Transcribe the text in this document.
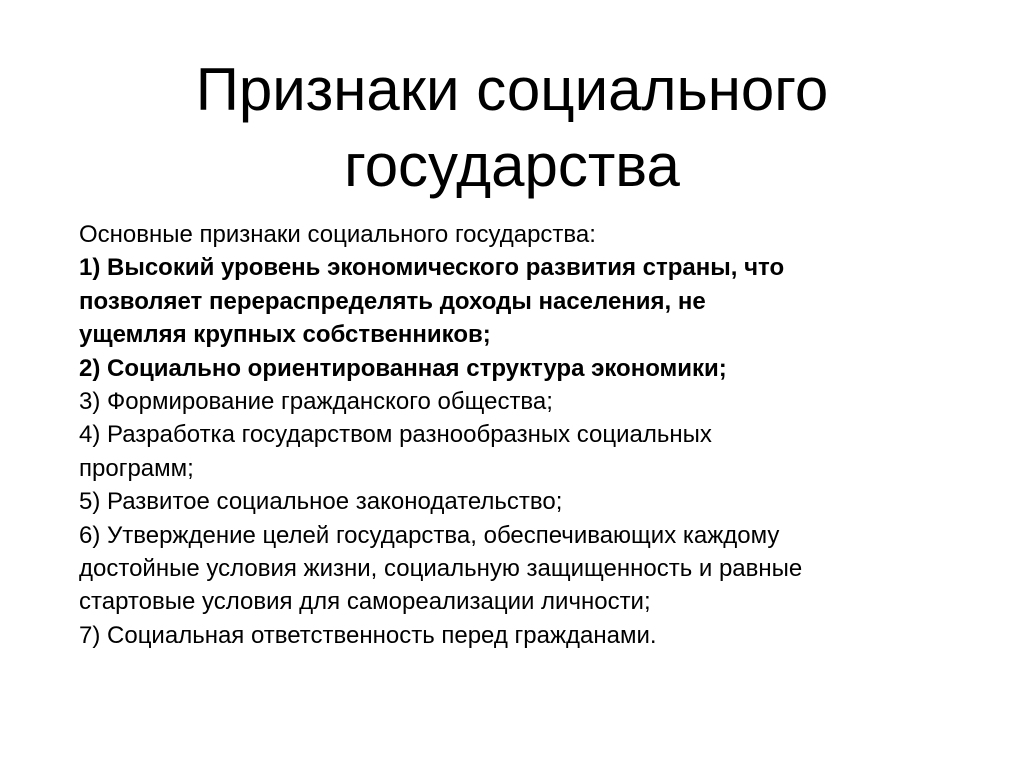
Признаки социального
государства
Основные признаки социального государства:
1) Высокий уровень экономического развития страны, что
позволяет перераспределять доходы населения, не
ущемляя крупных собственников;
2) Социально ориентированная структура экономики;
3) Формирование гражданского общества;
4) Разработка государством разнообразных социальных
программ;
5) Развитое социальное законодательство;
6) Утверждение целей государства, обеспечивающих каждому
достойные условия жизни, социальную защищенность и равные
стартовые условия для самореализации личности;
7) Социальная ответственность перед гражданами.
